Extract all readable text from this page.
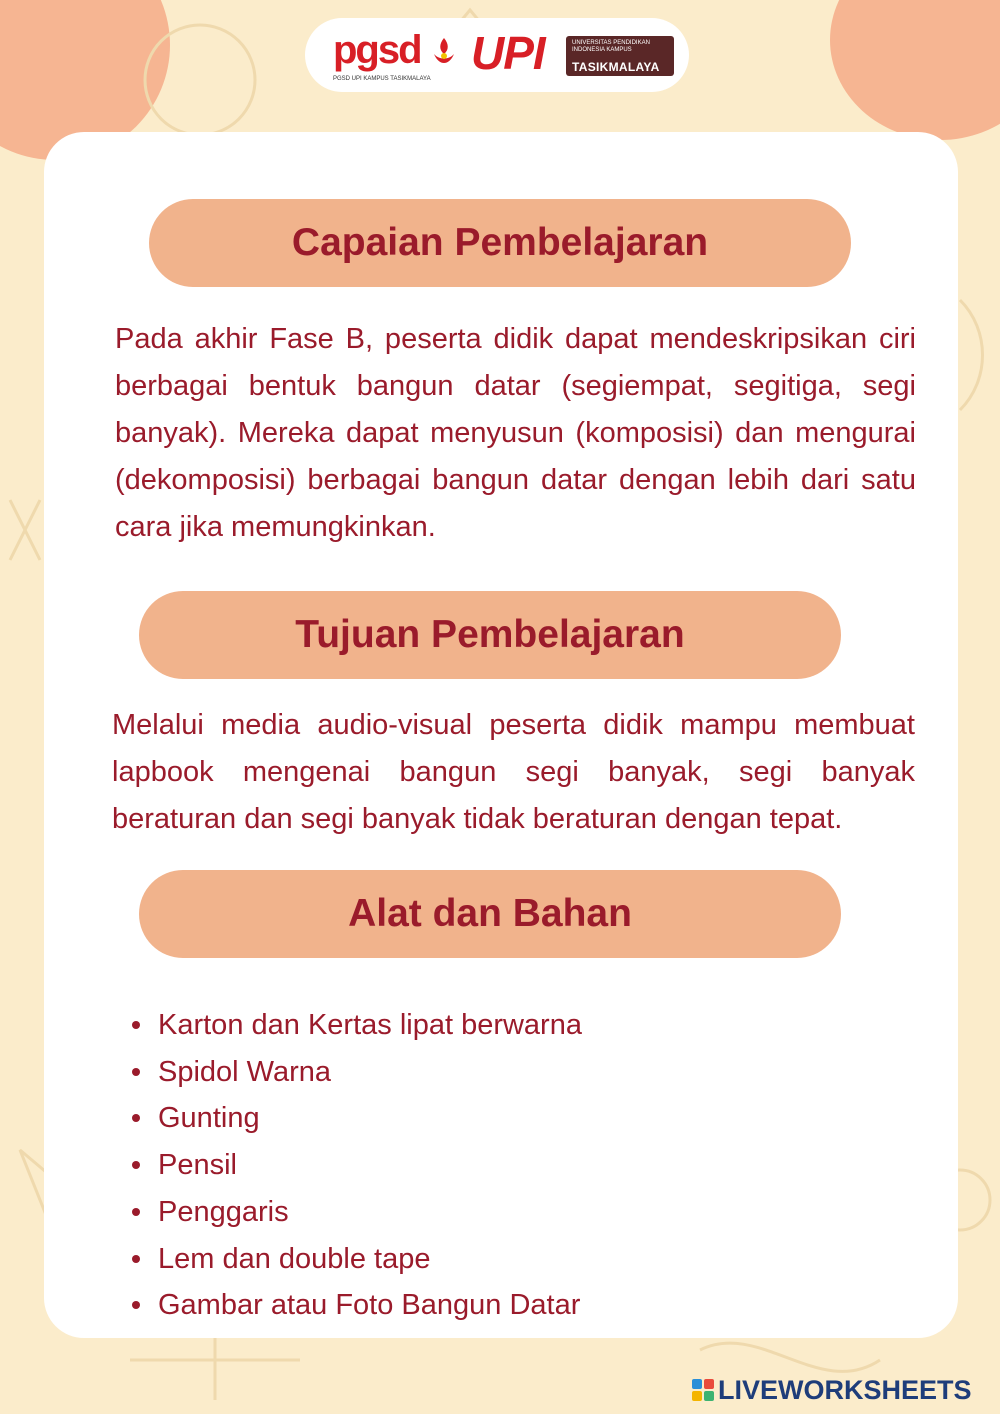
pgsd
PGSD UPI KAMPUS TASIKMALAYA UPI	UNIVERSITAS PENDIDIKAN INDONESIA KAMPUS
TASIKMALAYA
Capaian Pembelajaran

Pada akhir Fase B, peserta didik dapat mendeskripsikan ciri berbagai bentuk bangun datar (segiempat, segitiga, segi banyak). Mereka dapat menyusun (komposisi) dan mengurai (dekomposisi) berbagai bangun datar dengan lebih dari satu cara jika memungkinkan.

Tujuan Pembelajaran

Melalui media audio-visual peserta didik mampu membuat lapbook mengenai bangun segi banyak, segi banyak beraturan dan segi banyak tidak beraturan dengan tepat.

Alat dan Bahan
Karton dan Kertas lipat berwarna
Spidol Warna
Gunting
Pensil
Penggaris
Lem dan double tape
Gambar atau Foto Bangun Datar
LIVEWORKSHEETS
